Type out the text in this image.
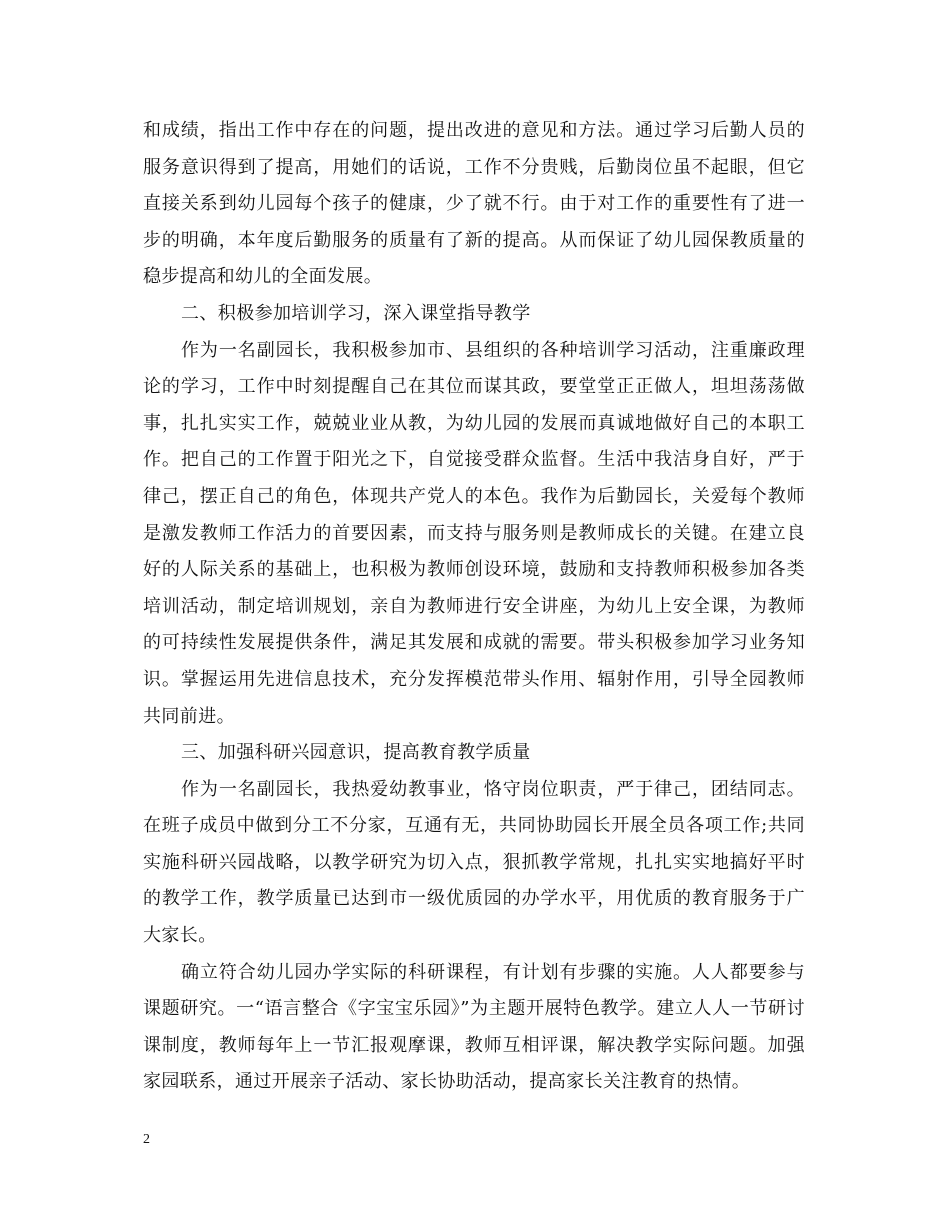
和成绩，指出工作中存在的问题，提出改进的意见和方法。通过学习后勤人员的服务意识得到了提高，用她们的话说，工作不分贵贱，后勤岗位虽不起眼，但它直接关系到幼儿园每个孩子的健康，少了就不行。由于对工作的重要性有了进一步的明确，本年度后勤服务的质量有了新的提高。从而保证了幼儿园保教质量的稳步提高和幼儿的全面发展。

二、积极参加培训学习，深入课堂指导教学

作为一名副园长，我积极参加市、县组织的各种培训学习活动，注重廉政理论的学习，工作中时刻提醒自己在其位而谋其政，要堂堂正正做人，坦坦荡荡做事，扎扎实实工作，兢兢业业从教，为幼儿园的发展而真诚地做好自己的本职工作。把自己的工作置于阳光之下，自觉接受群众监督。生活中我洁身自好，严于律己，摆正自己的角色，体现共产党人的本色。我作为后勤园长，关爱每个教师是激发教师工作活力的首要因素，而支持与服务则是教师成长的关键。在建立良好的人际关系的基础上，也积极为教师创设环境，鼓励和支持教师积极参加各类培训活动，制定培训规划，亲自为教师进行安全讲座，为幼儿上安全课，为教师的可持续性发展提供条件，满足其发展和成就的需要。带头积极参加学习业务知识。掌握运用先进信息技术，充分发挥模范带头作用、辐射作用，引导全园教师共同前进。

三、加强科研兴园意识，提高教育教学质量

作为一名副园长，我热爱幼教事业，恪守岗位职责，严于律己，团结同志。在班子成员中做到分工不分家，互通有无，共同协助园长开展全员各项工作;共同实施科研兴园战略，以教学研究为切入点，狠抓教学常规，扎扎实实地搞好平时的教学工作，教学质量已达到市一级优质园的办学水平，用优质的教育服务于广大家长。

确立符合幼儿园办学实际的科研课程，有计划有步骤的实施。人人都要参与课题研究。一“语言整合《字宝宝乐园》”为主题开展特色教学。建立人人一节研讨课制度，教师每年上一节汇报观摩课，教师互相评课，解决教学实际问题。加强家园联系，通过开展亲子活动、家长协助活动，提高家长关注教育的热情。

2
